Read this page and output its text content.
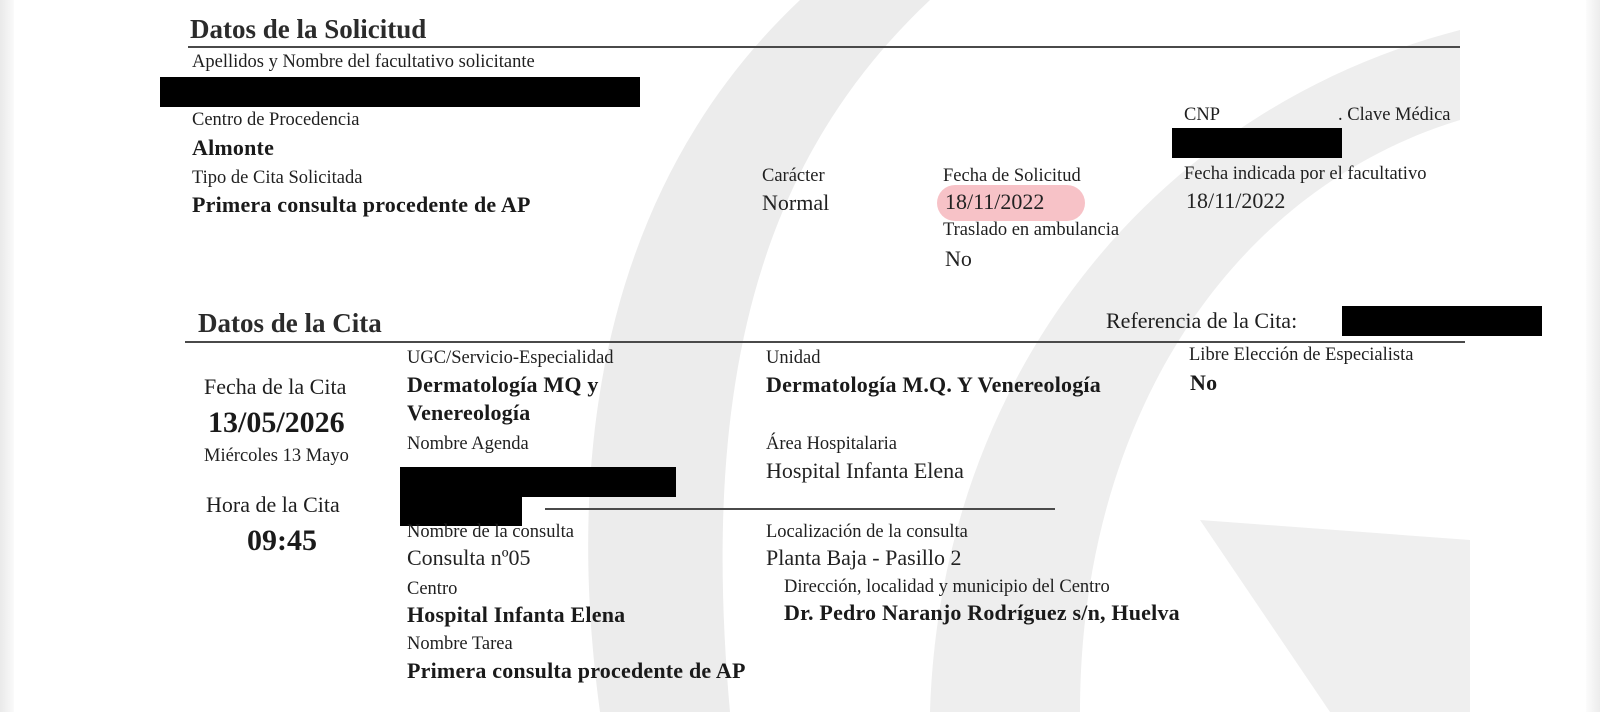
Datos de la Solicitud
Apellidos y Nombre del facultativo solicitante
Centro de Procedencia
Almonte
CNP	. Clave Médica
Tipo de Cita Solicitada
Primera consulta procedente de AP
Carácter
Normal
Fecha de Solicitud
18/11/2022
Fecha indicada por el facultativo
18/11/2022
Traslado en ambulancia
No
Datos de la Cita	Referencia de la Cita:
Fecha de la Cita
13/05/2026
Miércoles 13 Mayo
Hora de la Cita
09:45
UGC/Servicio-Especialidad
Dermatología MQ y
Venereología
Unidad
Dermatología M.Q. Y Venereología
Libre Elección de Especialista
No
Nombre Agenda	Área Hospitalaria
Hospital Infanta Elena
Nombre de la consulta
Consulta nº05
Localización de la consulta
Planta Baja - Pasillo 2
Centro
Hospital Infanta Elena
Dirección, localidad y municipio del Centro
Dr. Pedro Naranjo Rodríguez s/n, Huelva
Nombre Tarea
Primera consulta procedente de AP
